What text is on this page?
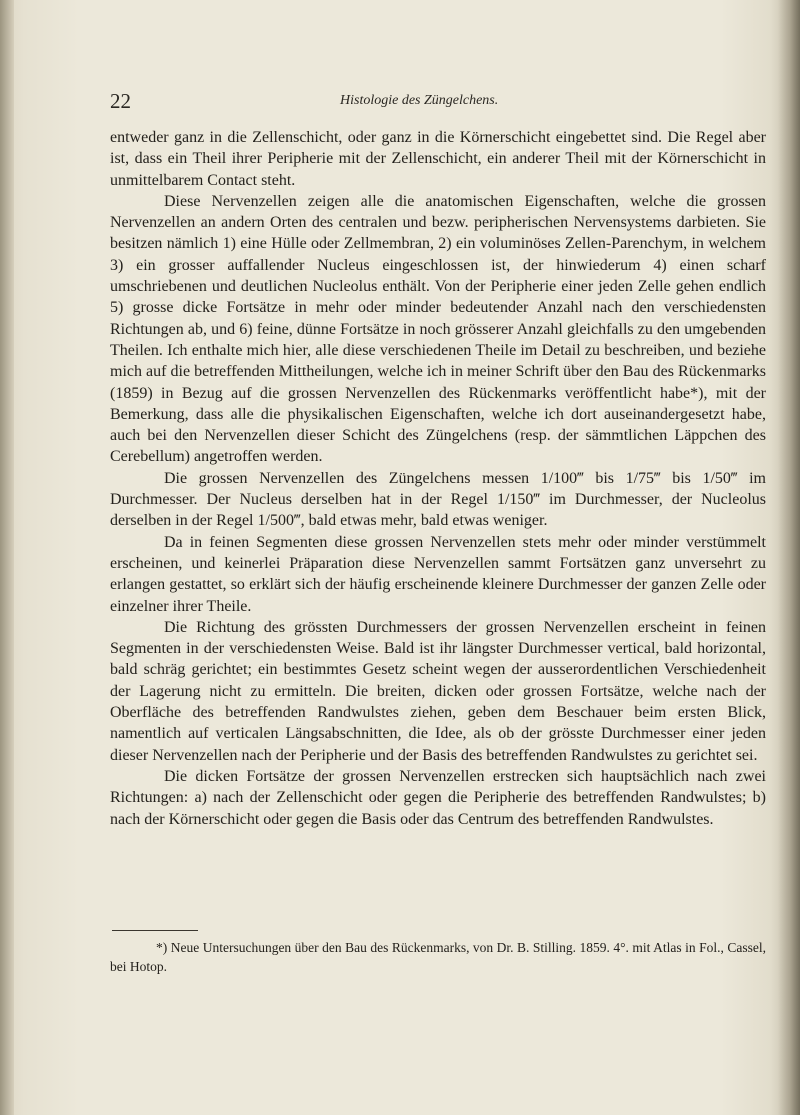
22	Histologie des Züngelchens.

entweder ganz in die Zellenschicht, oder ganz in die Körnerschicht eingebettet sind. Die Regel aber ist, dass ein Theil ihrer Peripherie mit der Zellenschicht, ein anderer Theil mit der Körnerschicht in unmittelbarem Contact steht.

Diese Nervenzellen zeigen alle die anatomischen Eigenschaften, welche die grossen Nervenzellen an andern Orten des centralen und bezw. peripherischen Nervensystems darbieten. Sie besitzen nämlich 1) eine Hülle oder Zellmembran, 2) ein voluminöses Zellen-Parenchym, in welchem 3) ein grosser auffallender Nucleus eingeschlossen ist, der hinwiederum 4) einen scharf umschriebenen und deutlichen Nucleolus enthält. Von der Peripherie einer jeden Zelle gehen endlich 5) grosse dicke Fortsätze in mehr oder minder bedeutender Anzahl nach den verschiedensten Richtungen ab, und 6) feine, dünne Fortsätze in noch grösserer Anzahl gleichfalls zu den umgebenden Theilen. Ich enthalte mich hier, alle diese verschiedenen Theile im Detail zu beschreiben, und beziehe mich auf die betreffenden Mittheilungen, welche ich in meiner Schrift über den Bau des Rückenmarks (1859) in Bezug auf die grossen Nervenzellen des Rückenmarks veröffentlicht habe*), mit der Bemerkung, dass alle die physikalischen Eigenschaften, welche ich dort auseinandergesetzt habe, auch bei den Nervenzellen dieser Schicht des Züngelchens (resp. der sämmtlichen Läppchen des Cerebellum) angetroffen werden.

Die grossen Nervenzellen des Züngelchens messen 1/100‴ bis 1/75‴ bis 1/50‴ im Durchmesser. Der Nucleus derselben hat in der Regel 1/150‴ im Durchmesser, der Nucleolus derselben in der Regel 1/500‴, bald etwas mehr, bald etwas weniger.

Da in feinen Segmenten diese grossen Nervenzellen stets mehr oder minder verstümmelt erscheinen, und keinerlei Präparation diese Nervenzellen sammt Fortsätzen ganz unversehrt zu erlangen gestattet, so erklärt sich der häufig erscheinende kleinere Durchmesser der ganzen Zelle oder einzelner ihrer Theile.

Die Richtung des grössten Durchmessers der grossen Nervenzellen erscheint in feinen Segmenten in der verschiedensten Weise. Bald ist ihr längster Durchmesser vertical, bald horizontal, bald schräg gerichtet; ein bestimmtes Gesetz scheint wegen der ausserordentlichen Verschiedenheit der Lagerung nicht zu ermitteln. Die breiten, dicken oder grossen Fortsätze, welche nach der Oberfläche des betreffenden Randwulstes ziehen, geben dem Beschauer beim ersten Blick, namentlich auf verticalen Längsabschnitten, die Idee, als ob der grösste Durchmesser einer jeden dieser Nervenzellen nach der Peripherie und der Basis des betreffenden Randwulstes zu gerichtet sei.

Die dicken Fortsätze der grossen Nervenzellen erstrecken sich hauptsächlich nach zwei Richtungen: a) nach der Zellenschicht oder gegen die Peripherie des betreffenden Randwulstes; b) nach der Körnerschicht oder gegen die Basis oder das Centrum des betreffenden Randwulstes.

*) Neue Untersuchungen über den Bau des Rückenmarks, von Dr. B. Stilling. 1859. 4°. mit Atlas in Fol., Cassel, bei Hotop.
